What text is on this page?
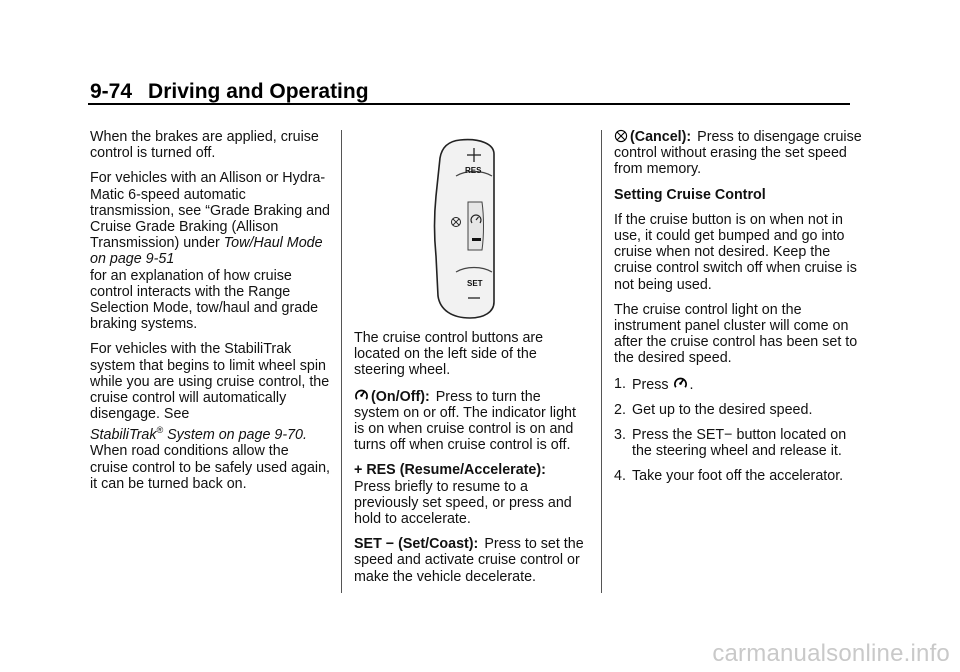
9-74 Driving and Operating

When the brakes are applied, cruise control is turned off.

For vehicles with an Allison or Hydra-Matic 6-speed automatic transmission, see “Grade Braking and Cruise Grade Braking (Allison Transmission) under Tow/Haul Mode on page 9-51
for an explanation of how cruise control interacts with the Range Selection Mode, tow/haul and grade braking systems.

For vehicles with the StabiliTrak system that begins to limit wheel spin while you are using cruise control, the cruise control will automatically disengage. See
StabiliTrak® System on page 9-70.
When road conditions allow the cruise control to be safely used again, it can be turned back on.

RES
SET

The cruise control buttons are located on the left side of the steering wheel.

(On/Off): Press to turn the system on or off. The indicator light is on when cruise control is on and turns off when cruise control is off.

+ RES (Resume/Accelerate):
Press briefly to resume to a previously set speed, or press and hold to accelerate.

SET − (Set/Coast): Press to set the speed and activate cruise control or make the vehicle decelerate.

(Cancel): Press to disengage cruise control without erasing the set speed from memory.

Setting Cruise Control

If the cruise button is on when not in use, it could get bumped and go into cruise when not desired. Keep the cruise control switch off when cruise is not being used.

The cruise control light on the instrument panel cluster will come on after the cruise control has been set to the desired speed.

1. Press .
2. Get up to the desired speed.
3. Press the SET− button located on the steering wheel and release it.
4. Take your foot off the accelerator.
carmanualsonline.info
